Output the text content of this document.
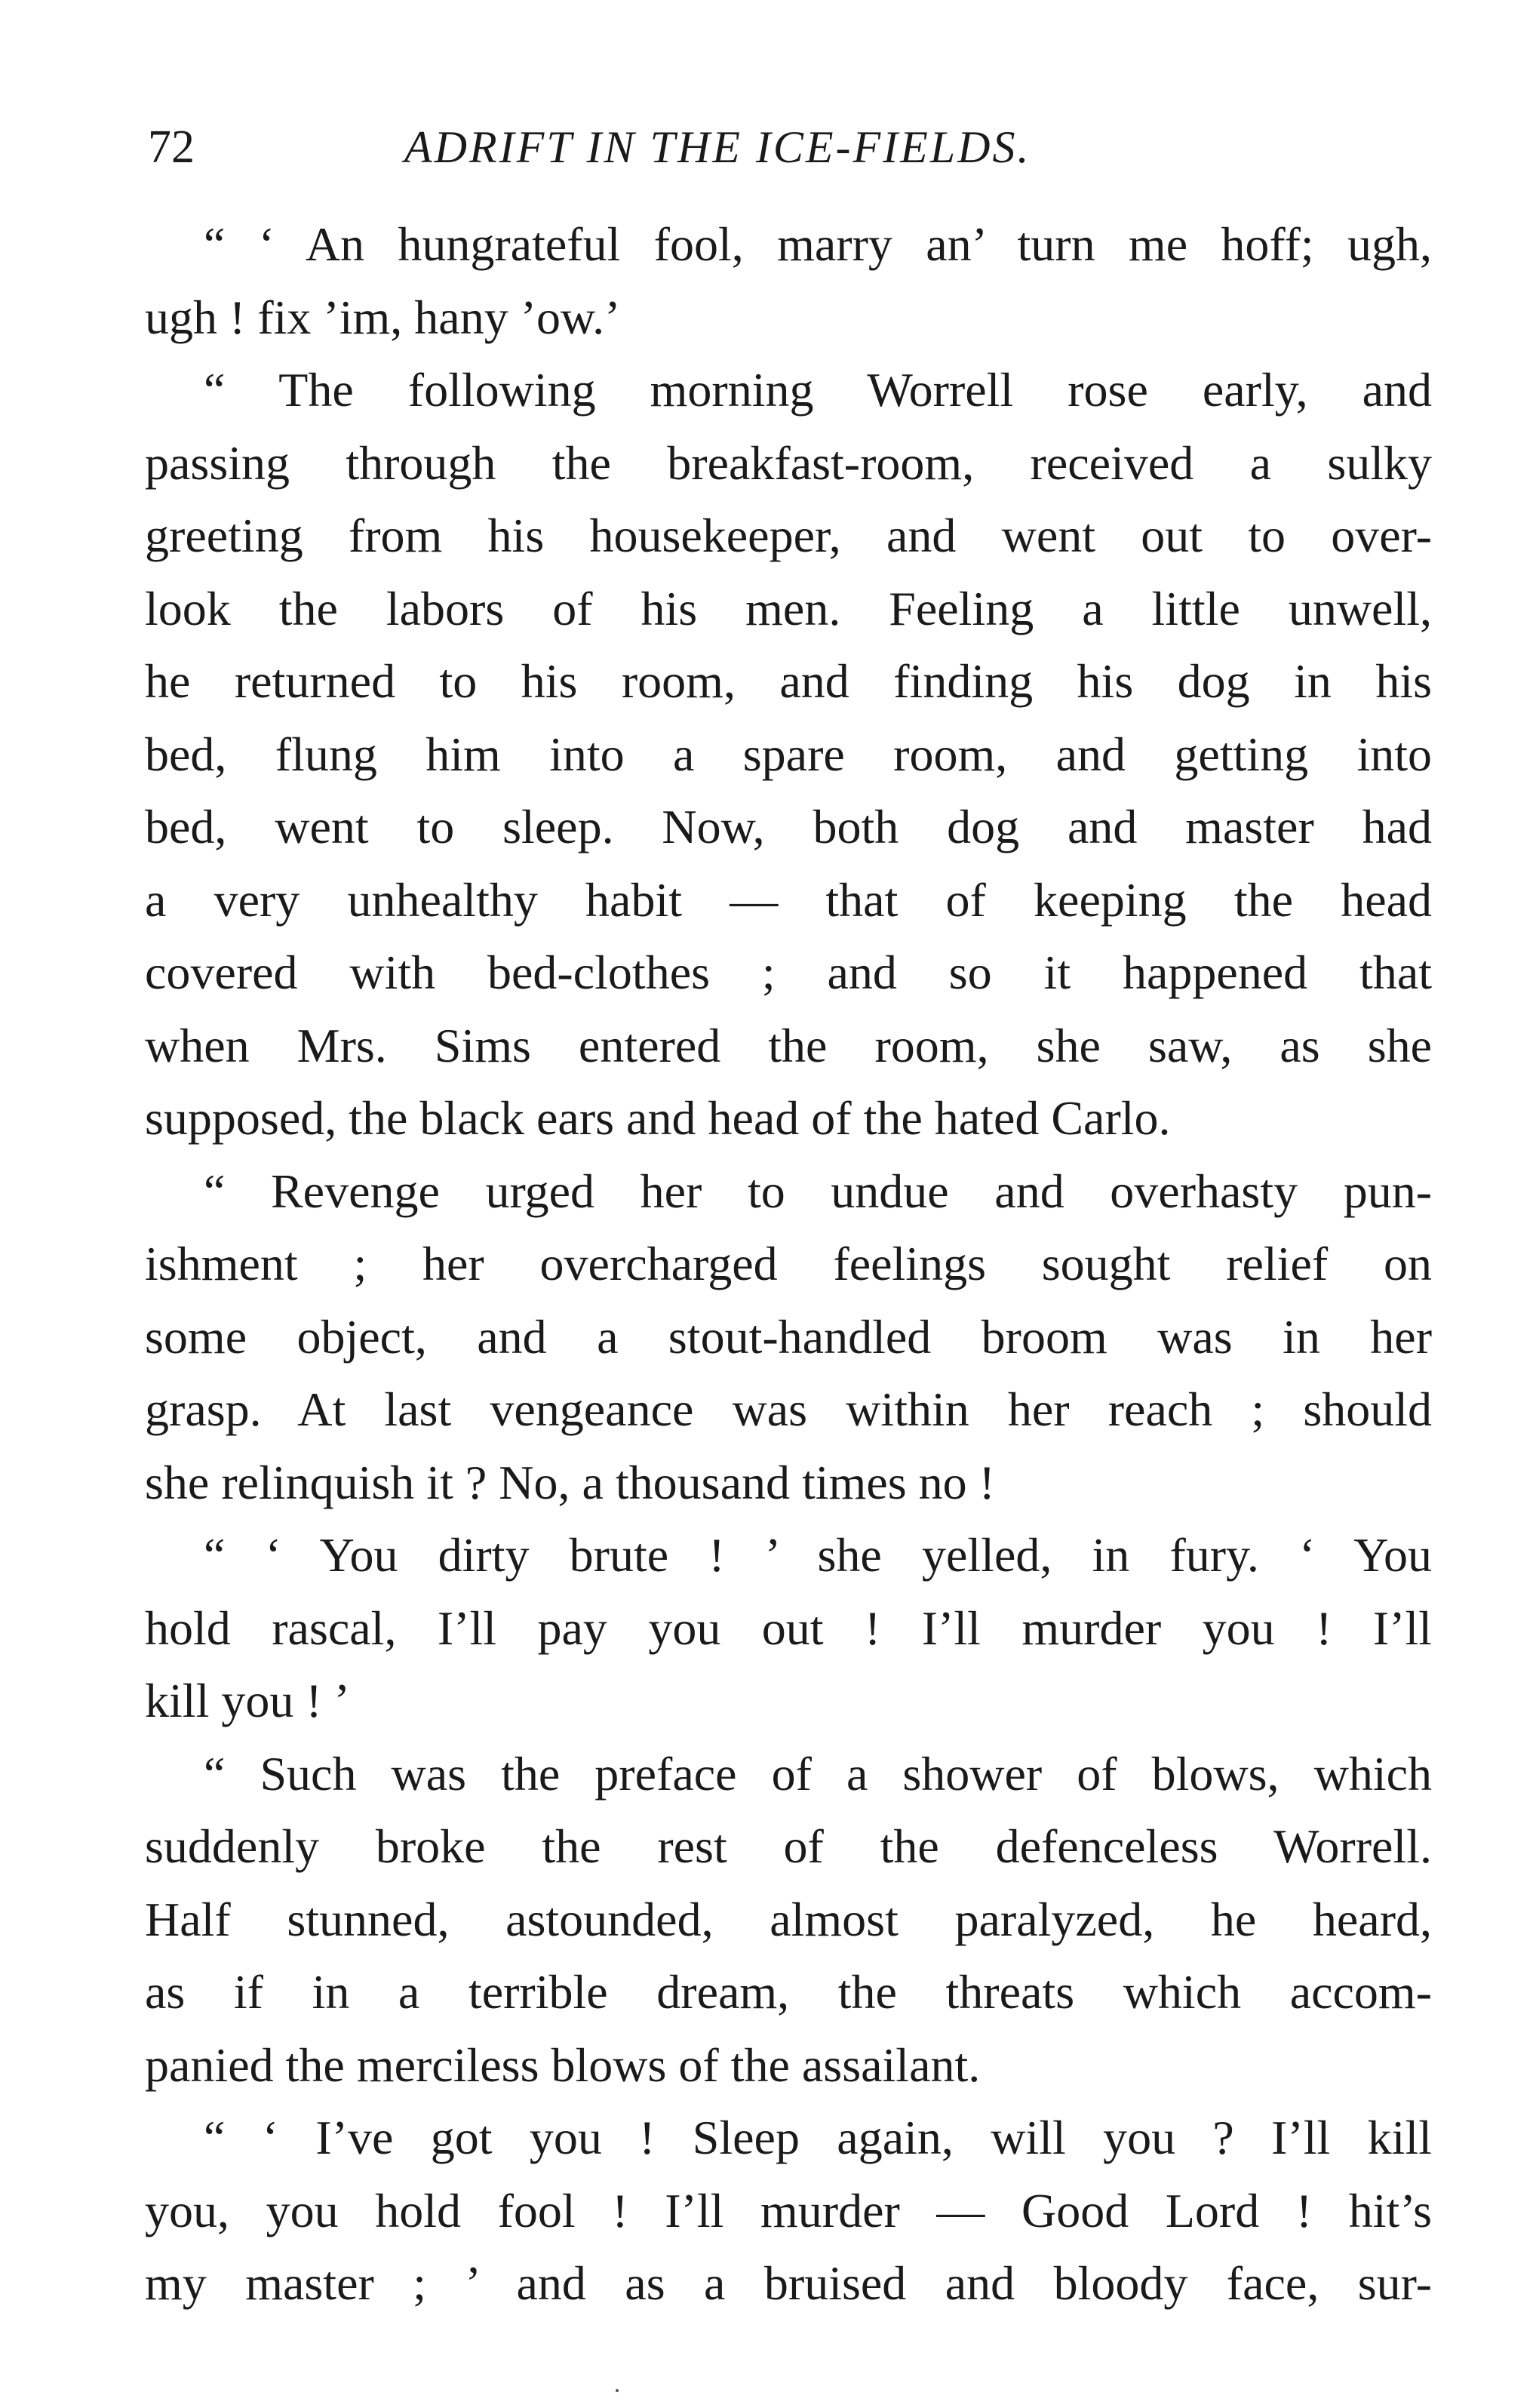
72	ADRIFT IN THE ICE-FIELDS.
“ ‘ An hungrateful fool, marry an’ turn me hoff; ugh,
ugh ! fix ’im, hany ’ow.’
“ The following morning Worrell rose early, and
passing through the breakfast-room, received a sulky
greeting from his housekeeper, and went out to over-
look the labors of his men. Feeling a little unwell,
he returned to his room, and finding his dog in his
bed, flung him into a spare room, and getting into
bed, went to sleep. Now, both dog and master had
a very unhealthy habit — that of keeping the head
covered with bed-clothes ; and so it happened that
when Mrs. Sims entered the room, she saw, as she
supposed, the black ears and head of the hated Carlo.
“ Revenge urged her to undue and overhasty pun-
ishment ; her overcharged feelings sought relief on
some object, and a stout-handled broom was in her
grasp. At last vengeance was within her reach ; should
she relinquish it ? No, a thousand times no !
“ ‘ You dirty brute ! ’ she yelled, in fury. ‘ You
hold rascal, I’ll pay you out ! I’ll murder you ! I’ll
kill you ! ’
“ Such was the preface of a shower of blows, which
suddenly broke the rest of the defenceless Worrell.
Half stunned, astounded, almost paralyzed, he heard,
as if in a terrible dream, the threats which accom-
panied the merciless blows of the assailant.
“ ‘ I’ve got you ! Sleep again, will you ? I’ll kill
you, you hold fool ! I’ll murder — Good Lord ! hit’s
my master ; ’ and as a bruised and bloody face, sur-
